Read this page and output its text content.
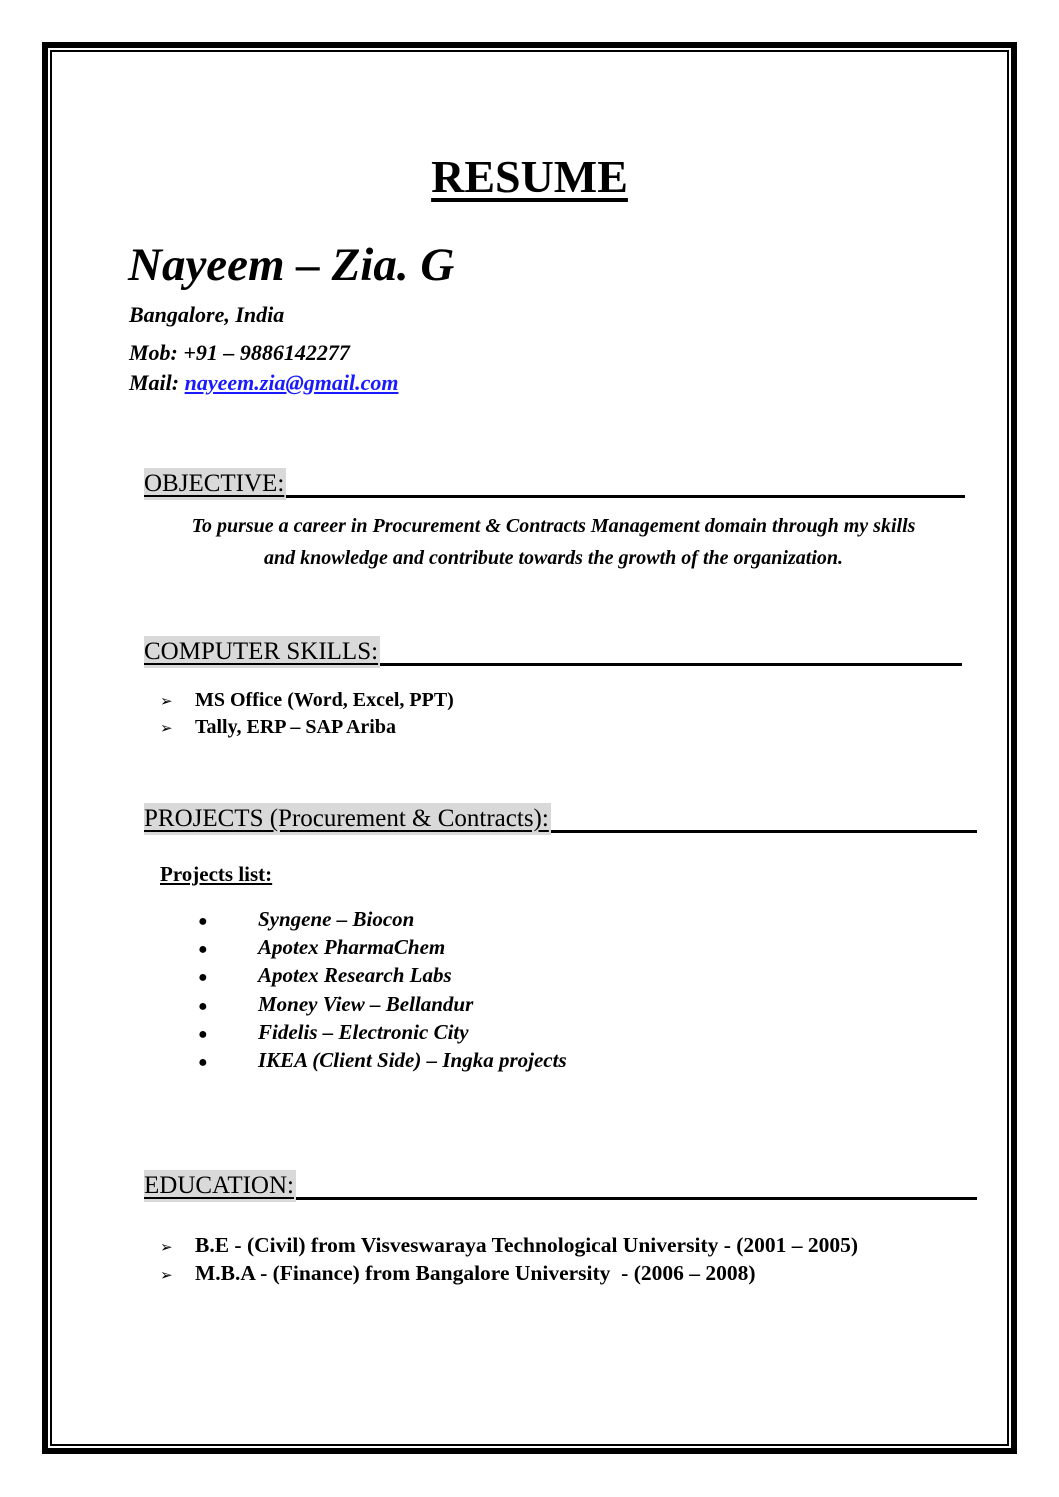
RESUME
Nayeem – Zia. G
Bangalore, India
Mob: +91 – 9886142277
Mail: nayeem.zia@gmail.com
OBJECTIVE:
To pursue a career in Procurement & Contracts Management domain through my skills
and knowledge and contribute towards the growth of the organization.
COMPUTER SKILLS:
➢ MS Office (Word, Excel, PPT)
➢ Tally, ERP – SAP Ariba
PROJECTS (Procurement & Contracts):
Projects list:
● Syngene – Biocon
● Apotex PharmaChem
● Apotex Research Labs
● Money View – Bellandur
● Fidelis – Electronic City
● IKEA (Client Side) – Ingka projects
EDUCATION:
➢ B.E - (Civil) from Visveswaraya Technological University - (2001 – 2005)
➢ M.B.A - (Finance) from Bangalore University  - (2006 – 2008)
